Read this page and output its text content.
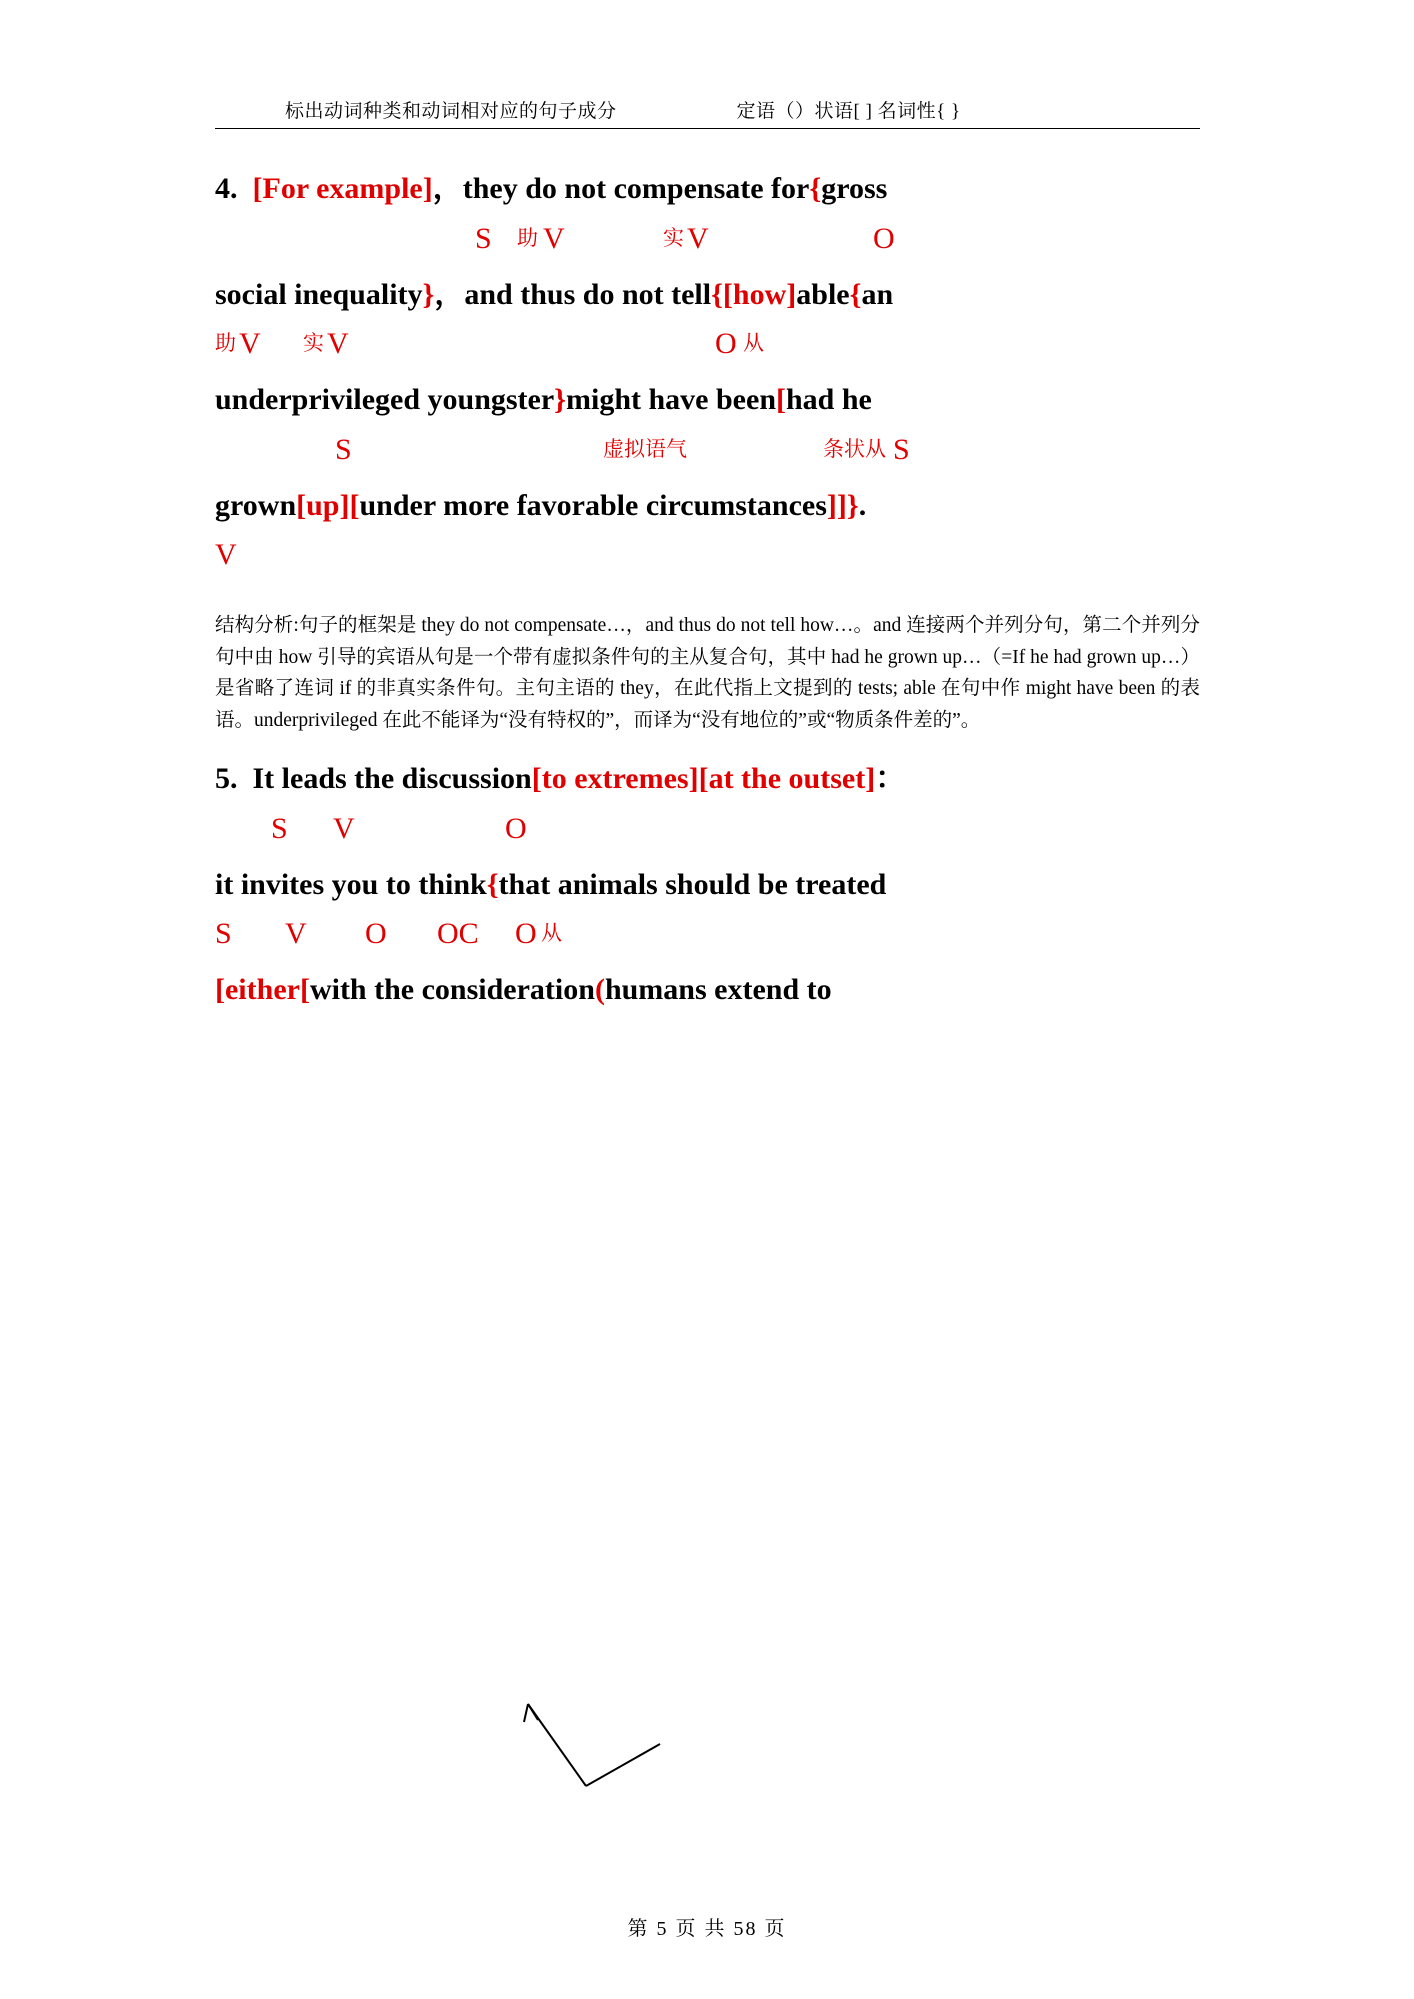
标出动词种类和动词相对应的句子成分	定语（）状语[ ] 名词性{ }
4.  [For example]，they do not compensate for{gross
S 助 V	实 V	O
social inequality}，and thus do not tell{[how]able{an
助 V 实 V	O 从
underprivileged youngster}might have been[had he
S	虚拟语气	条状从 S
grown[up][under more favorable circumstances]]}.
V
结构分析:句子的框架是 they do not compensate…，and thus do not tell how…。and 连接两个并列分句，第二个并列分句中由 how 引导的宾语从句是一个带有虚拟条件句的主从复合句，其中 had he grown up…（=If he had grown up…）是省略了连词 if 的非真实条件句。主句主语的 they，在此代指上文提到的 tests; able 在句中作 might have been 的表语。underprivileged 在此不能译为“没有特权的”，而译为“没有地位的”或“物质条件差的”。
5.  It leads the discussion[to extremes][at the outset]：
S V	O
it invites you to think{that animals should be treated
S V O OC O 从
[either[with the consideration(humans extend to
第 5 页 共 58 页
